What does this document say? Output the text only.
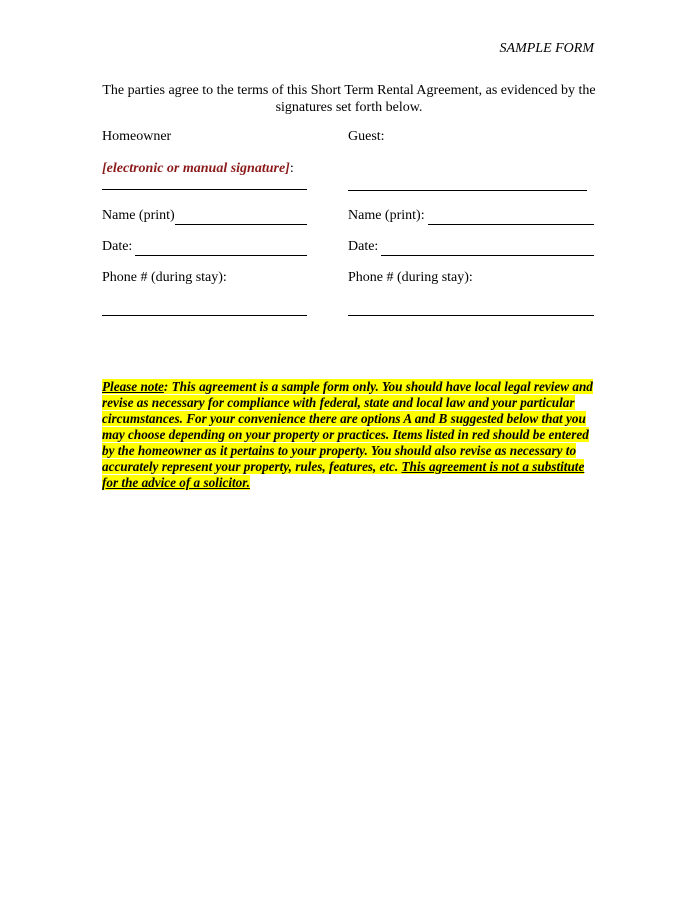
SAMPLE FORM
The parties agree to the terms of this Short Term Rental Agreement, as evidenced by the signatures set forth below.
Homeowner
[electronic or manual signature]:
Name (print)
Date:
Phone # (during stay):
Guest:
Name (print):
Date:
Phone # (during stay):
Please note: This agreement is a sample form only. You should have local legal review and revise as necessary for compliance with federal, state and local law and your particular circumstances. For your convenience there are options A and B suggested below that you may choose depending on your property or practices. Items listed in red should be entered by the homeowner as it pertains to your property. You should also revise as necessary to accurately represent your property, rules, features, etc. This agreement is not a substitute for the advice of a solicitor.
